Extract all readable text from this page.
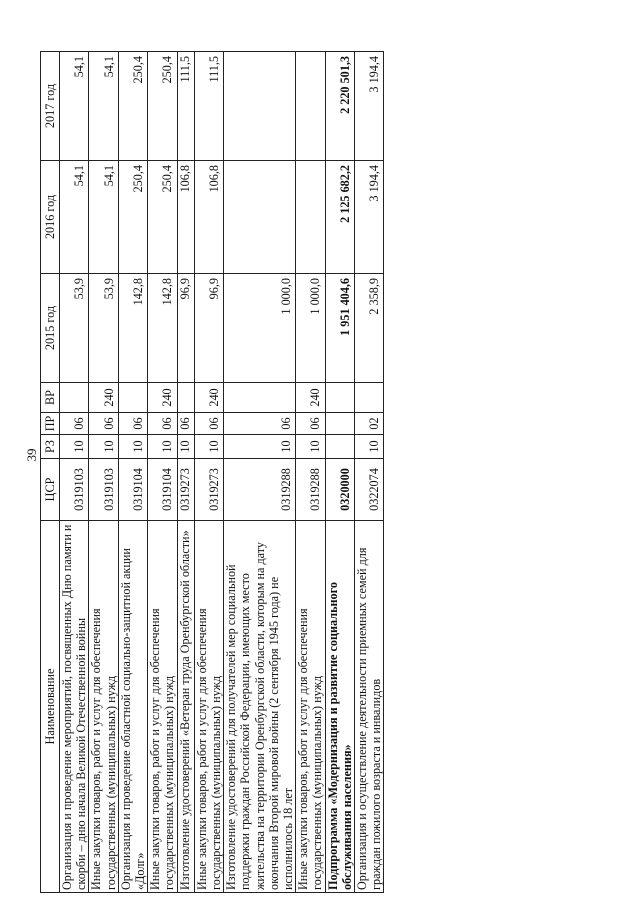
39
Наименование	ЦСР	РЗ	ПР	ВР	2015 год	2016 год	2017 год
Организация и проведение мероприятий, посвященных Дню памяти и скорби – дню начала Великой Отечественной войны	0319103	10	06		53,9	54,1	54,1
Иные закупки товаров, работ и услуг для обеспечения государственных (муниципальных) нужд	0319103	10	06	240	53,9	54,1	54,1
Организация и проведение областной социально-защитной акции «Долг»	0319104	10	06		142,8	250,4	250,4
Иные закупки товаров, работ и услуг для обеспечения государственных (муниципальных) нужд	0319104	10	06	240	142,8	250,4	250,4
Изготовление удостоверений «Ветеран труда Оренбургской области»	0319273	10	06		96,9	106,8	111,5
Иные закупки товаров, работ и услуг для обеспечения государственных (муниципальных) нужд	0319273	10	06	240	96,9	106,8	111,5
Изготовление удостоверений для получателей мер социальной поддержки граждан Российской Федерации, имеющих место жительства на территории Оренбургской области, которым на дату окончания Второй мировой войны (2 сентября 1945 года) не исполнилось 18 лет	0319288	10	06		1 000,0		
Иные закупки товаров, работ и услуг для обеспечения государственных (муниципальных) нужд	0319288	10	06	240	1 000,0		
Подпрограмма «Модернизация и развитие социального обслуживания населения»	0320000				1 951 404,6	2 125 682,2	2 220 501,3
Организация и осуществление деятельности приемных семей для граждан пожилого возраста и инвалидов	0322074	10	02		2 358,9	3 194,4	3 194,4
